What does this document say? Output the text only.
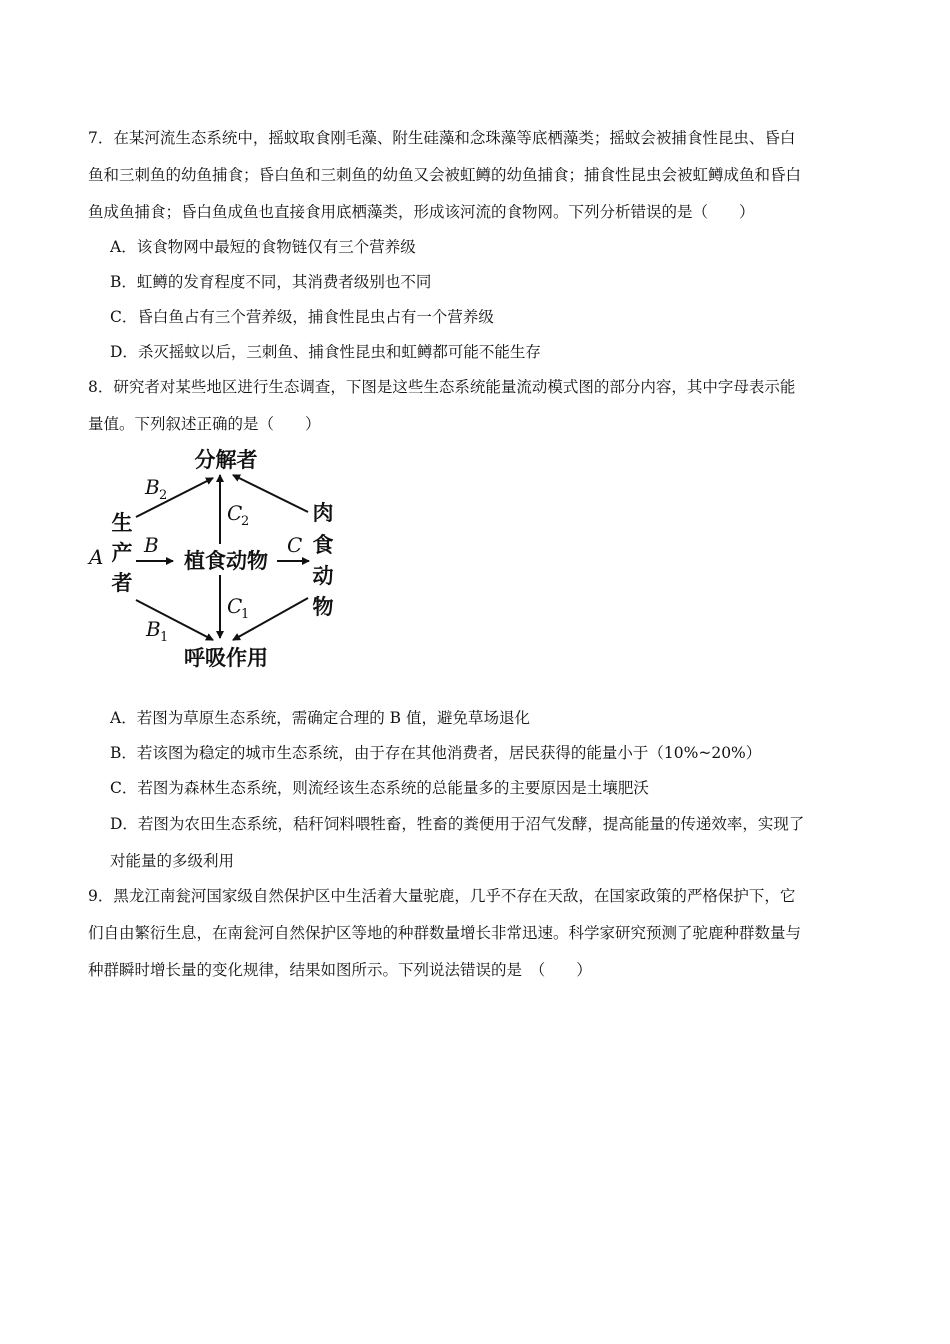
7．在某河流生态系统中，摇蚊取食刚毛藻、附生硅藻和念珠藻等底栖藻类；摇蚊会被捕食性昆虫、昏白
鱼和三刺鱼的幼鱼捕食；昏白鱼和三刺鱼的幼鱼又会被虹鳟的幼鱼捕食；捕食性昆虫会被虹鳟成鱼和昏白
鱼成鱼捕食；昏白鱼成鱼也直接食用底栖藻类，形成该河流的食物网。下列分析错误的是（　　）
A．该食物网中最短的食物链仅有三个营养级
B．虹鳟的发育程度不同，其消费者级别也不同
C．昏白鱼占有三个营养级，捕食性昆虫占有一个营养级
D．杀灭摇蚊以后，三刺鱼、捕食性昆虫和虹鳟都可能不能生存
8．研究者对某些地区进行生态调查，下图是这些生态系统能量流动模式图的部分内容，其中字母表示能
量值。下列叙述正确的是（　　）
分解者
呼吸作用
植食动物
生
产
者
肉
食
动
物
A B	C
B 2
C
2
C
1
B 1
A．若图为草原生态系统，需确定合理的 B 值，避免草场退化
B．若该图为稳定的城市生态系统，由于存在其他消费者，居民获得的能量小于（10%~20%）
C．若图为森林生态系统，则流经该生态系统的总能量多的主要原因是土壤肥沃
D．若图为农田生态系统，秸秆饲料喂牲畜，牲畜的粪便用于沼气发酵，提高能量的传递效率，实现了
对能量的多级利用
9．黑龙江南瓮河国家级自然保护区中生活着大量驼鹿，几乎不存在天敌，在国家政策的严格保护下，它
们自由繁衍生息，在南瓮河自然保护区等地的种群数量增长非常迅速。科学家研究预测了驼鹿种群数量与
种群瞬时增长量的变化规律，结果如图所示。下列说法错误的是　（　　）
